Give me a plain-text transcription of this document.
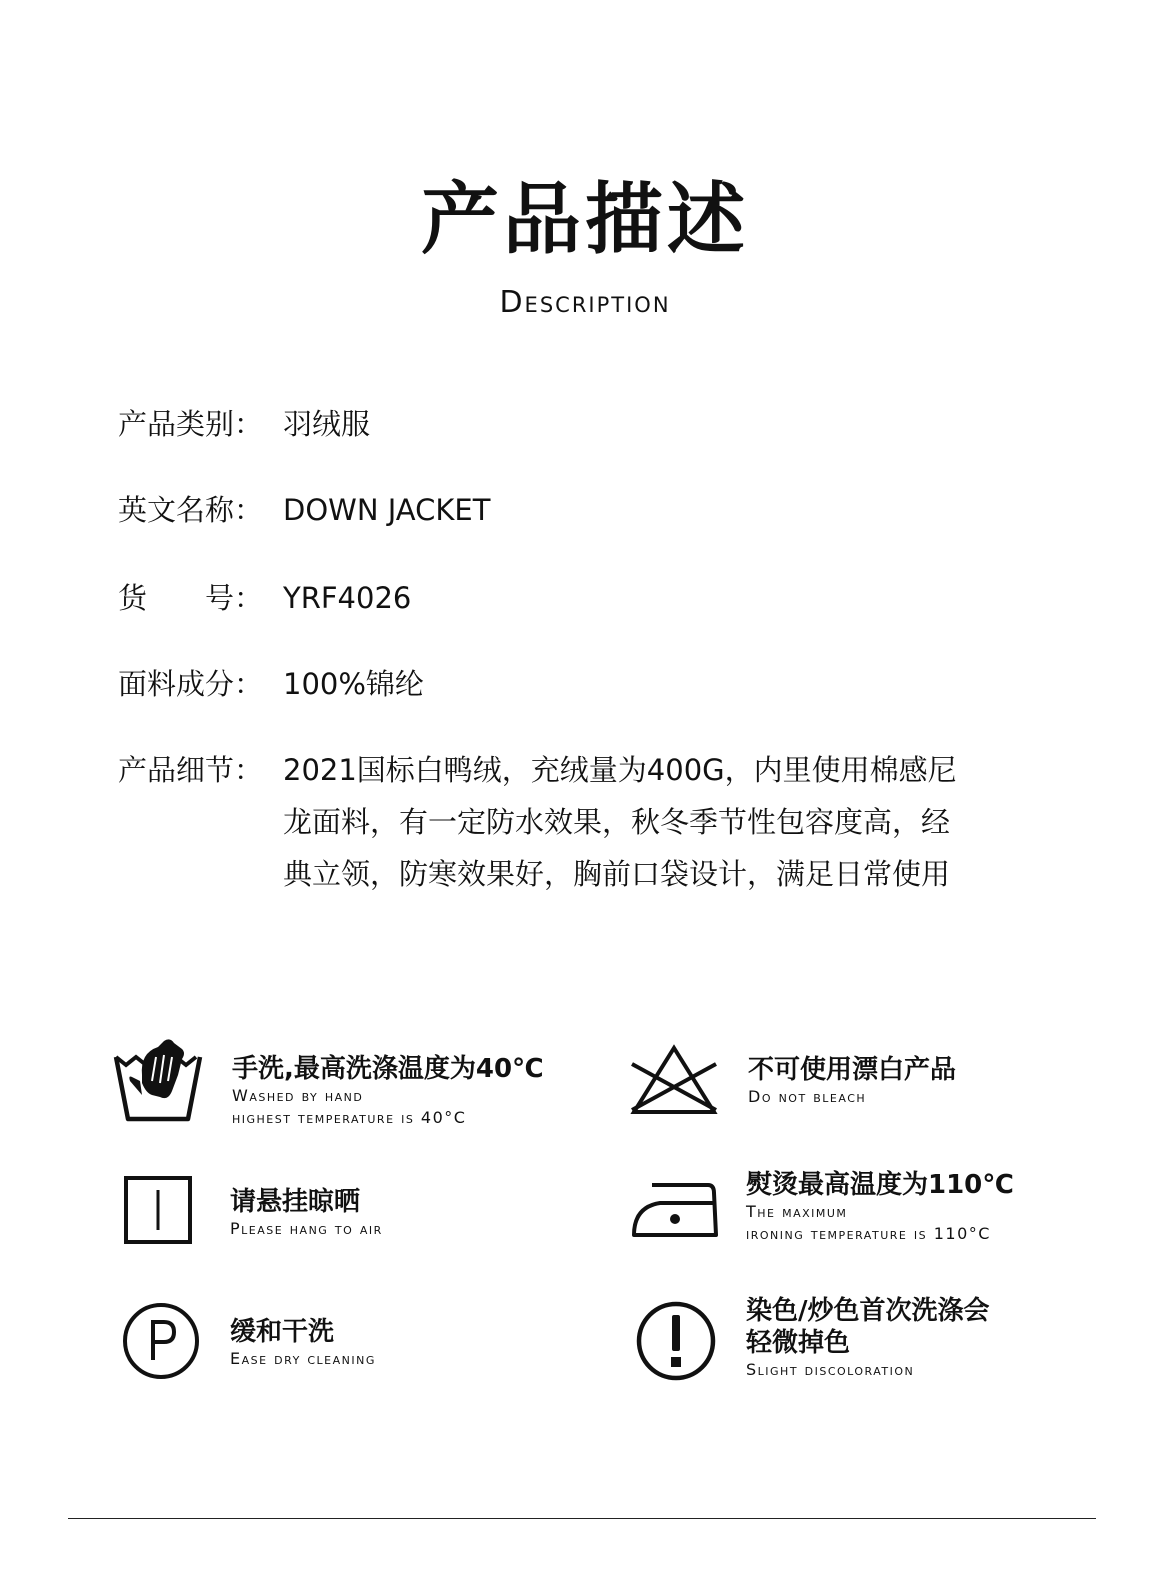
产品描述
Description
产品类别： 羽绒服
英文名称： DOWN JACKET
货　　号： YRF4026
面料成分： 100%锦纶
产品细节： 2021国标白鸭绒，充绒量为400G，内里使用棉感尼
龙面料，有一定防水效果，秋冬季节性包容度高，经
典立领，防寒效果好，胸前口袋设计，满足日常使用
手洗,最高洗涤温度为40℃
Washed by hand
highest temperature is 40°C
不可使用漂白产品
Do not bleach
请悬挂晾晒
Please hang to air
熨烫最高温度为110℃
The maximum
ironing temperature is 110°C
缓和干洗
Ease dry cleaning
染色/炒色首次洗涤会
轻微掉色
Slight discoloration
